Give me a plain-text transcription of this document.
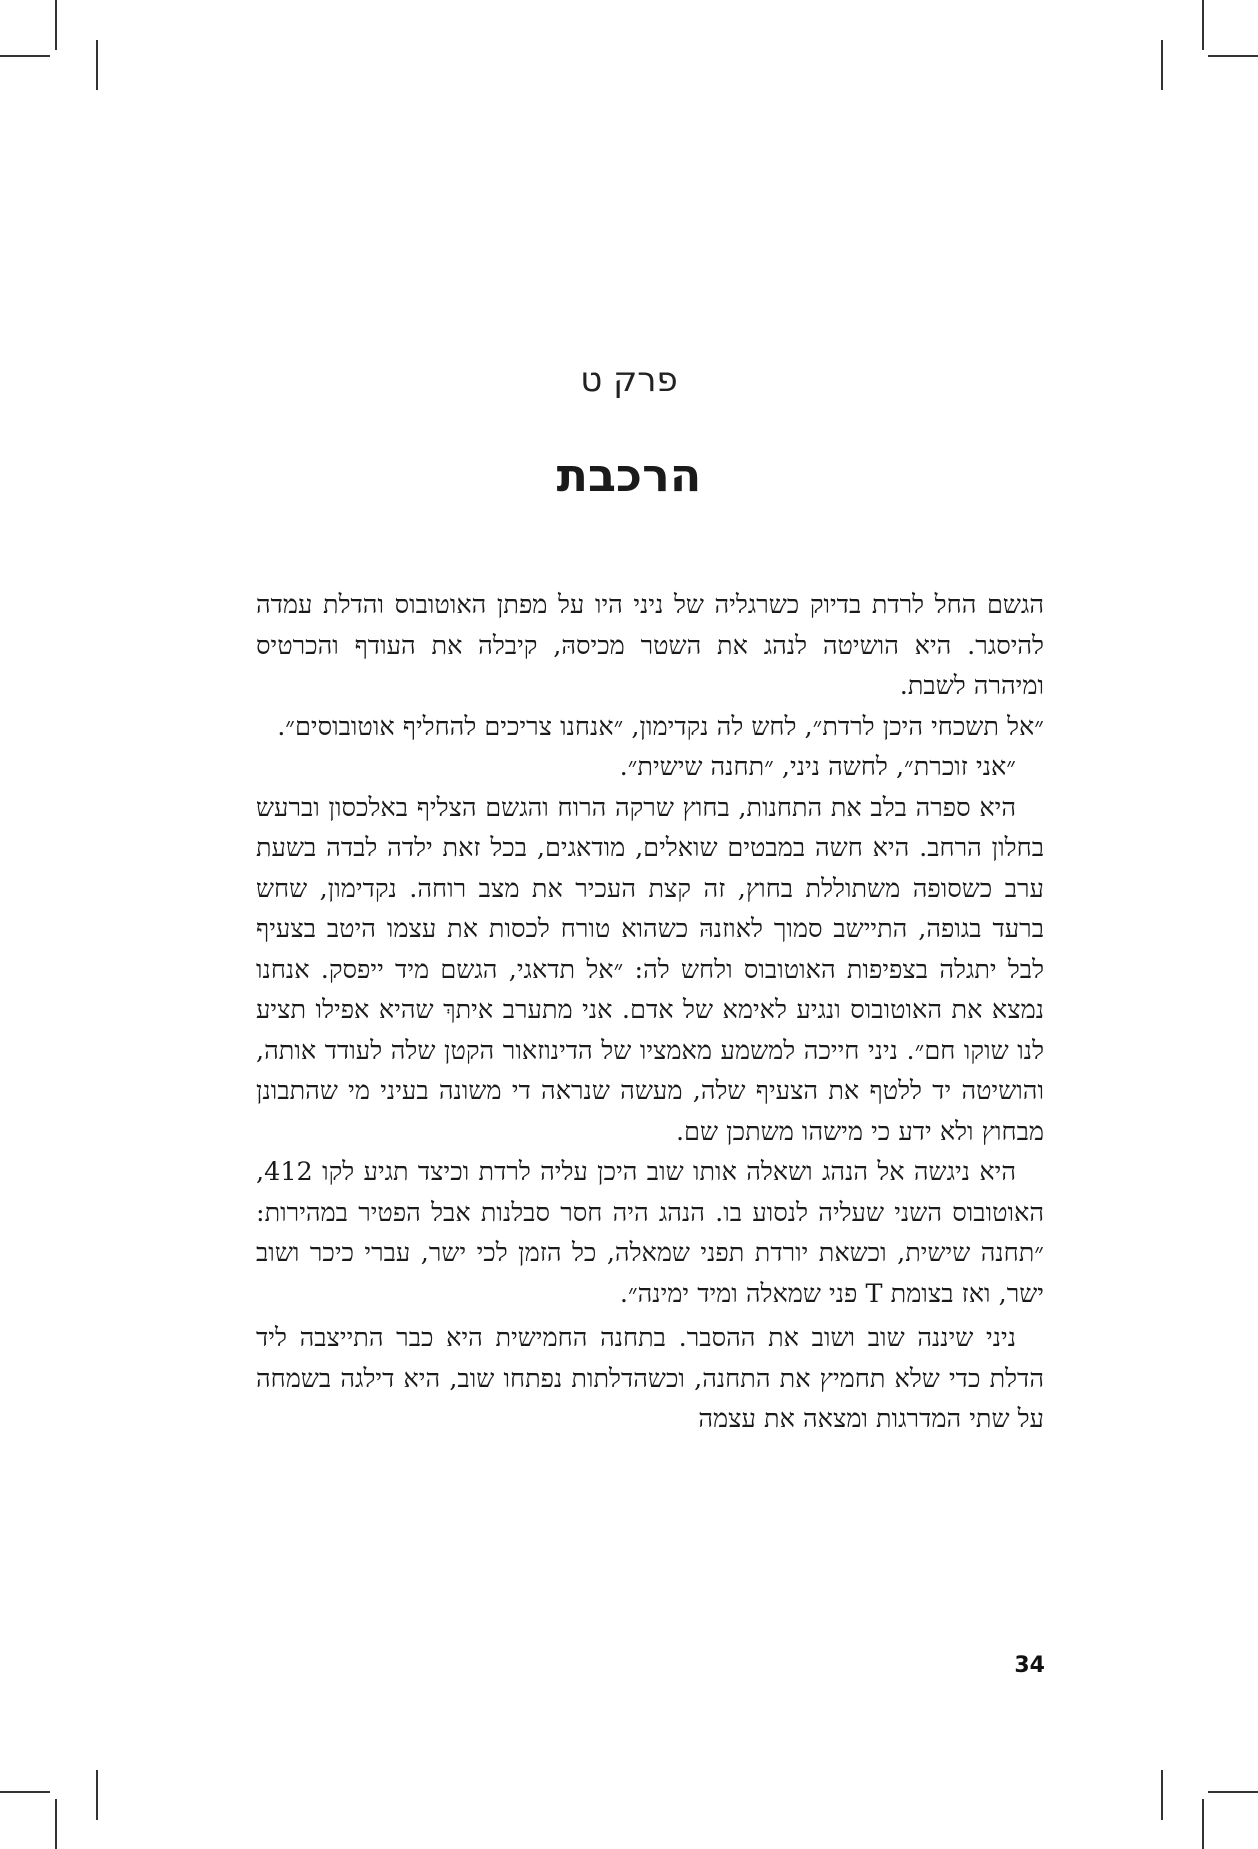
פרק ט
הרכבת

הגשם החל לרדת בדיוק כשרגליה של ניני היו על מפתן האוטובוס והדלת עמדה להיסגר. היא הושיטה לנהג את השטר מכיסהּ, קיבלה את העודף והכרטיס ומיהרה לשבת.

״אל תשכחי היכן לרדת״, לחש לה נקדימון, ״אנחנו צריכים להחליף אוטובוסים״.

״אני זוכרת״, לחשה ניני, ״תחנה שישית״.

היא ספרה בלב את התחנות, בחוץ שרקה הרוח והגשם הצליף באלכסון וברעש בחלון הרחב. היא חשה במבטים שואלים, מודאגים, בכל זאת ילדה לבדה בשעת ערב כשסופה משתוללת בחוץ, זה קצת העכיר את מצב רוחה. נקדימון, שחש ברעד בגופה, התיישב סמוך לאוזנהּ כשהוא טורח לכסות את עצמו היטב בצעיף לבל יתגלה בצפיפות האוטובוס ולחש לה: ״אל תדאגי, הגשם מיד ייפסק. אנחנו נמצא את האוטובוס ונגיע לאימא של אדם. אני מתערב איתךְ שהיא אפילו תציע לנו שוקו חם״. ניני חייכה למשמע מאמציו של הדינוזאור הקטן שלה לעודד אותה, והושיטה יד ללטף את הצעיף שלה, מעשה שנראה די משונה בעיני מי שהתבונן מבחוץ ולא ידע כי מישהו משתכן שם.

היא ניגשה אל הנהג ושאלה אותו שוב היכן עליה לרדת וכיצד תגיע לקו 412, האוטובוס השני שעליה לנסוע בו. הנהג היה חסר סבלנות אבל הפטיר במהירות: ״תחנה שישית, וכשאת יורדת תפני שמאלה, כל הזמן לכי ישר, עברי כיכר ושוב ישר, ואז בצומת T פני שמאלה ומיד ימינה״.

ניני שיננה שוב ושוב את ההסבר. בתחנה החמישית היא כבר התייצבה ליד הדלת כדי שלא תחמיץ את התחנה, וכשהדלתות נפתחו שוב, היא דילגה בשמחה על שתי המדרגות ומצאה את עצמה

34
